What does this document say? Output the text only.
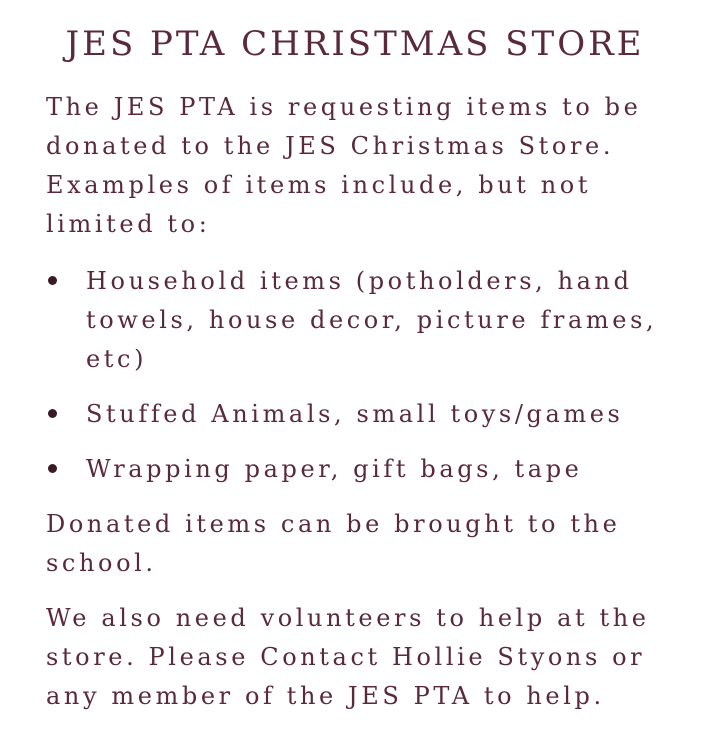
JES PTA CHRISTMAS STORE

The JES PTA is requesting items to be
donated to the JES Christmas Store.
Examples of items include, but not
limited to:

Household items (potholders, hand
towels, house decor, picture frames,
etc)
Stuffed Animals, small toys/games
Wrapping paper, gift bags, tape

Donated items can be brought to the
school.

We also need volunteers to help at the
store. Please Contact Hollie Styons or
any member of the JES PTA to help.
